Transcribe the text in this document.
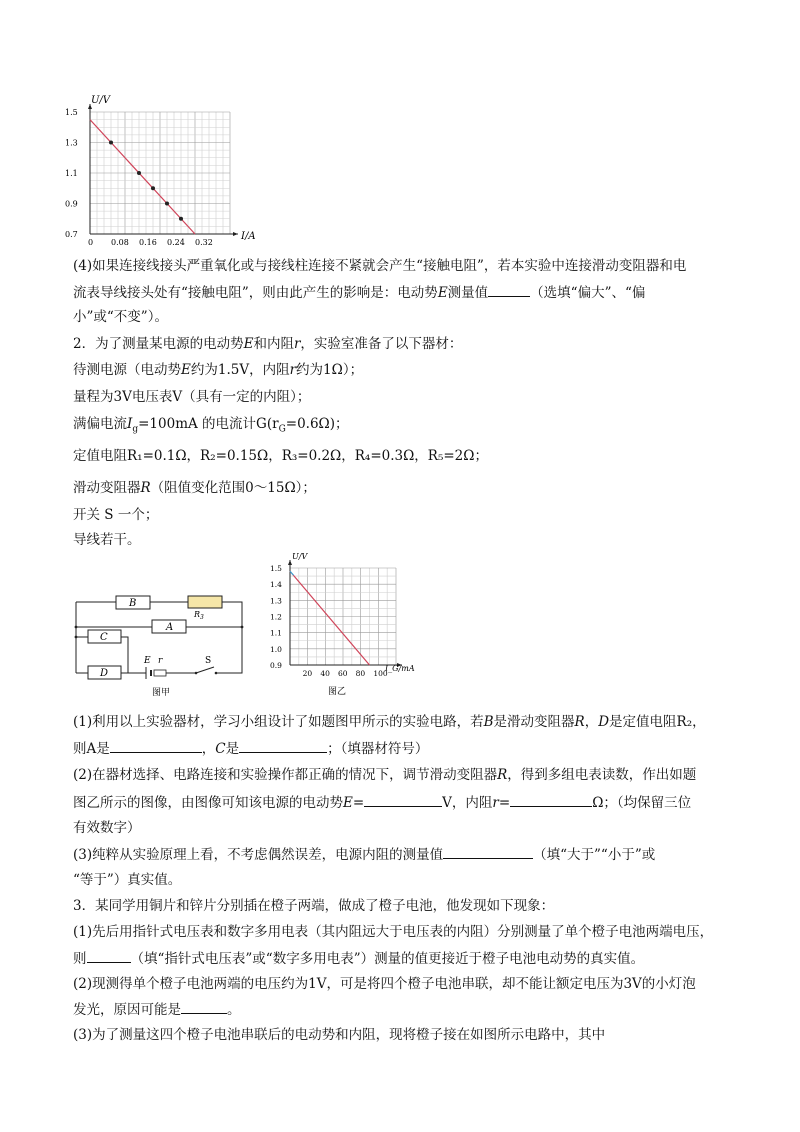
0 0.08 0.16 0.24 0.32
1.5
1.3
1.1
0.9
0.7
U/V
I/A
(4)如果连接线接头严重氧化或与接线柱连接不紧就会产生“接触电阻”，若本实验中连接滑动变阻器和电
流表导线接头处有“接触电阻”，则由此产生的影响是：电动势E测量值	（选填“偏大”、“偏
小”或“不变”）。
2．为了测量某电源的电动势E和内阻r，实验室准备了以下器材：
待测电源（电动势E约为1.5V，内阻r约为1Ω）；
量程为3V电压表V（具有一定的内阻）；
满偏电流$I_g=100mA$ 的电流计$G(r_G=0.6\Omega)$；
定值电阻R₁=0.1Ω，R₂=0.15Ω，R₃=0.2Ω，R₄=0.3Ω，R₅=2Ω；
滑动变阻器R（阻值变化范围0～15Ω）；
开关 S 一个；
导线若干。
B
$R_3$
A
C
D
E r	S
图甲
20 40 60 80 100
1.5
1.4
1.3
1.2
1.1
1.0
0.9
U/V
I_G/mA
图乙
(1)利用以上实验器材，学习小组设计了如题图甲所示的实验电路，若B是滑动变阻器R，D是定值电阻R₂，
则A是	，C是	；（填器材符号）
(2)在器材选择、电路连接和实验操作都正确的情况下，调节滑动变阻器R，得到多组电表读数，作出如题
图乙所示的图像，由图像可知该电源的电动势E=	V，内阻r=	Ω；（均保留三位
有效数字）
(3)纯粹从实验原理上看，不考虑偶然误差，电源内阻的测量值	（填“大于”“小于”或
“等于”）真实值。
3．某同学用铜片和锌片分别插在橙子两端，做成了橙子电池，他发现如下现象：
(1)先后用指针式电压表和数字多用电表（其内阻远大于电压表的内阻）分别测量了单个橙子电池两端电压，
则	（填“指针式电压表”或“数字多用电表”）测量的值更接近于橙子电池电动势的真实值。
(2)现测得单个橙子电池两端的电压约为1V，可是将四个橙子电池串联，却不能让额定电压为3V的小灯泡
发光，原因可能是	。
(3)为了测量这四个橙子电池串联后的电动势和内阻，现将橙子接在如图所示电路中，其中
